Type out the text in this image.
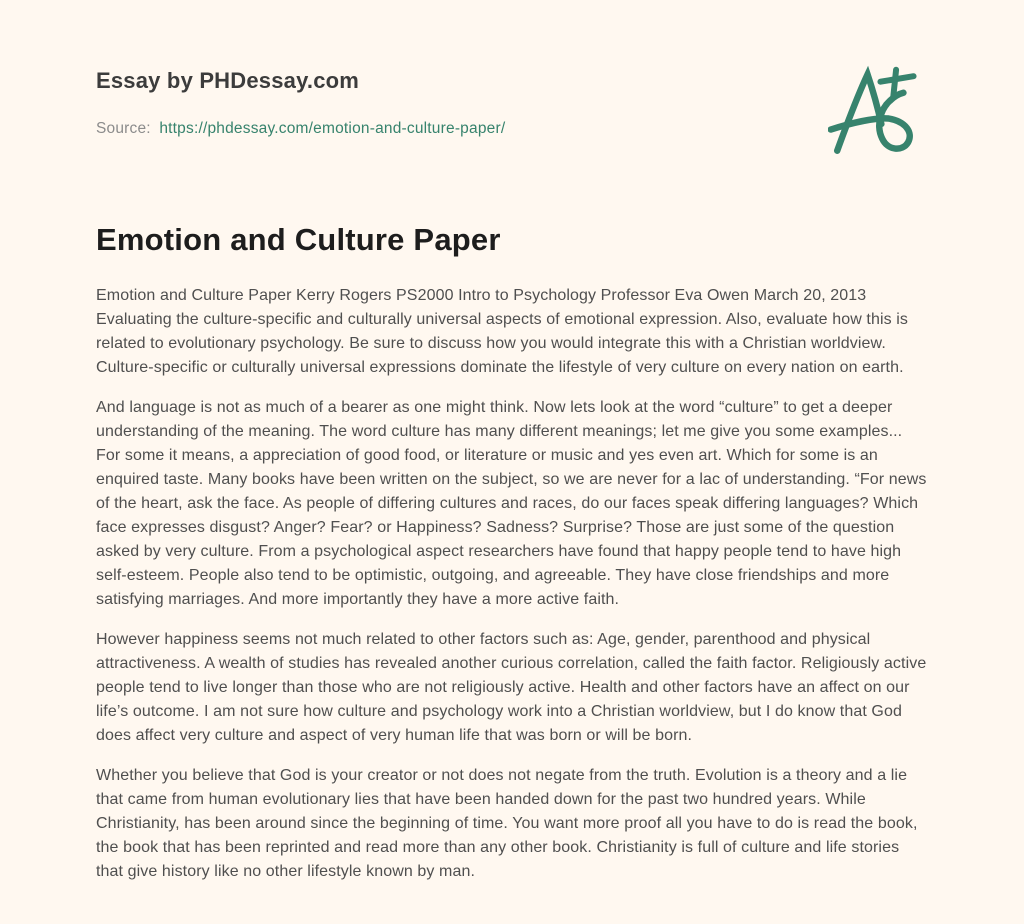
Essay by PHDessay.com
Source: https://phdessay.com/emotion-and-culture-paper/
Emotion and Culture Paper

Emotion and Culture Paper Kerry Rogers PS2000 Intro to Psychology Professor Eva Owen March 20, 2013 Evaluating the culture-specific and culturally universal aspects of emotional expression. Also, evaluate how this is related to evolutionary psychology. Be sure to discuss how you would integrate this with a Christian worldview. Culture-specific or culturally universal expressions dominate the lifestyle of very culture on every nation on earth.

And language is not as much of a bearer as one might think. Now lets look at the word “culture” to get a deeper understanding of the meaning. The word culture has many different meanings; let me give you some examples... For some it means, a appreciation of good food, or literature or music and yes even art. Which for some is an enquired taste. Many books have been written on the subject, so we are never for a lac of understanding. “For news of the heart, ask the face. As people of differing cultures and races, do our faces speak differing languages? Which face expresses disgust? Anger? Fear? or Happiness? Sadness? Surprise? Those are just some of the question asked by very culture. From a psychological aspect researchers have found that happy people tend to have high self-esteem. People also tend to be optimistic, outgoing, and agreeable. They have close friendships and more satisfying marriages. And more importantly they have a more active faith.

However happiness seems not much related to other factors such as: Age, gender, parenthood and physical attractiveness. A wealth of studies has revealed another curious correlation, called the faith factor. Religiously active people tend to live longer than those who are not religiously active. Health and other factors have an affect on our life’s outcome. I am not sure how culture and psychology work into a Christian worldview, but I do know that God does affect very culture and aspect of very human life that was born or will be born.

Whether you believe that God is your creator or not does not negate from the truth. Evolution is a theory and a lie that came from human evolutionary lies that have been handed down for the past two hundred years. While Christianity, has been around since the beginning of time. You want more proof all you have to do is read the book, the book that has been reprinted and read more than any other book. Christianity is full of culture and life stories that give history like no other lifestyle known by man.
